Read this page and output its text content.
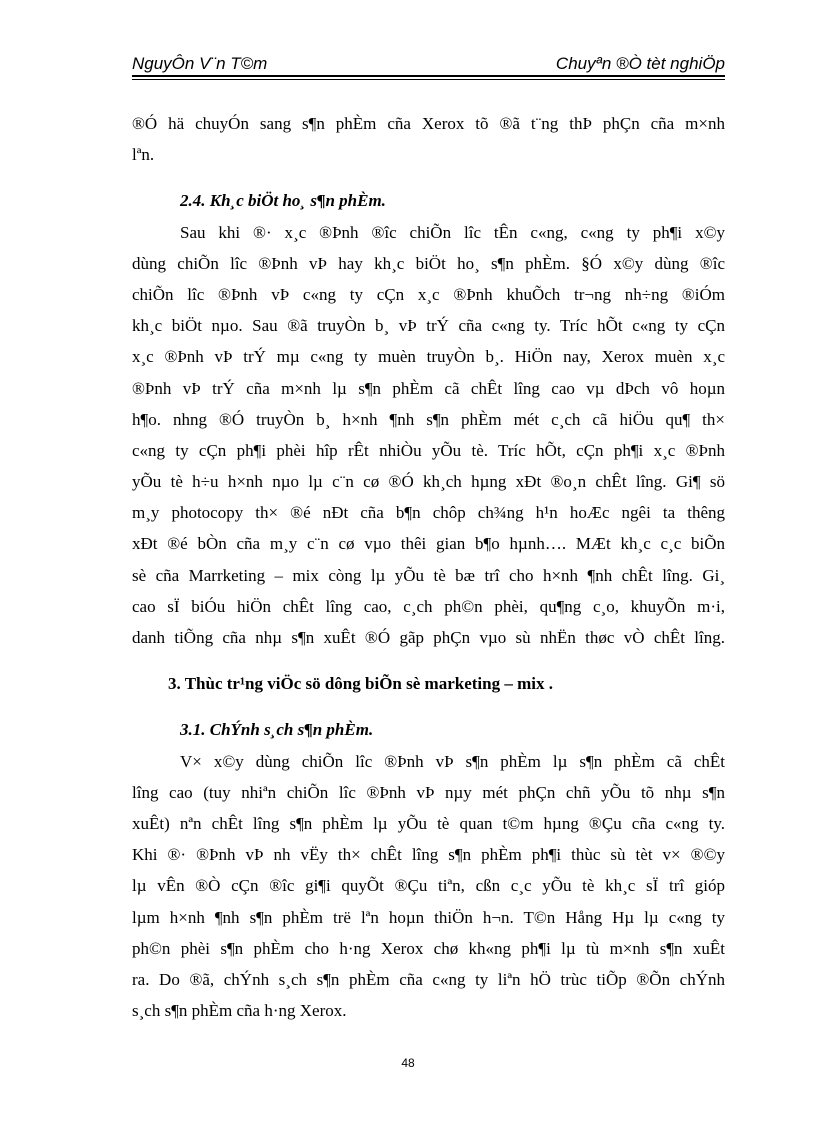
NguyÔn V¨n T©m	Chuyªn ®Ò tèt nghiÖp
®Ó hä chuyÓn sang s¶n phÈm cña Xerox tõ ®ã t¨ng thÞ phÇn cña m×nh
lªn.
2.4. Kh¸c biÖt ho¸ s¶n phÈm.
Sau khi ®· x¸c ®Þnh ®îc chiÕn lîc tÊn c«ng, c«ng ty ph¶i x©y
dùng chiÕn lîc ®Þnh vÞ hay kh¸c biÖt ho¸ s¶n phÈm. §Ó x©y dùng ®îc
chiÕn lîc ®Þnh vÞ c«ng ty cÇn x¸c ®Þnh khuÕch tr¬ng nh÷ng ®iÓm
kh¸c biÖt nµo. Sau ®ã truyÒn b¸ vÞ trÝ cña c«ng ty. Tríc hÕt c«ng ty cÇn
x¸c ®Þnh vÞ trÝ mµ c«ng ty muèn truyÒn b¸. HiÖn nay, Xerox muèn x¸c
®Þnh vÞ trÝ cña m×nh lµ s¶n phÈm cã chÊt lîng cao vµ dÞch vô hoµn
h¶o. nhng ®Ó truyÒn b¸ h×nh ¶nh s¶n phÈm mét c¸ch cã hiÖu qu¶ th×
c«ng ty cÇn ph¶i phèi hîp rÊt nhiÒu yÕu tè. Tríc hÕt, cÇn ph¶i x¸c ®Þnh
yÕu tè h÷u h×nh nµo lµ c¨n cø ®Ó kh¸ch hµng xÐt ®o¸n chÊt lîng. Gi¶ sö
m¸y photocopy th× ®é nÐt cña b¶n chôp ch¾ng h¹n hoÆc ngêi ta thêng
xÐt ®é bÒn cña m¸y c¨n cø vµo thêi gian b¶o hµnh…. MÆt kh¸c c¸c biÕn
sè cña Marrketing – mix còng lµ yÕu tè bæ trî cho h×nh ¶nh chÊt lîng. Gi¸
cao sÏ biÓu hiÖn chÊt lîng cao, c¸ch ph©n phèi, qu¶ng c¸o, khuyÕn m·i,
danh tiÕng cña nhµ s¶n xuÊt ®Ó gãp phÇn vµo sù nhËn thøc vÒ chÊt lîng.
3. Thùc tr¹ng viÖc sö dông biÕn sè marketing – mix .
3.1. ChÝnh s¸ch s¶n phÈm.
V× x©y dùng chiÕn lîc ®Þnh vÞ s¶n phÈm lµ s¶n phÈm cã chÊt
lîng cao (tuy nhiªn chiÕn lîc ®Þnh vÞ nµy mét phÇn chñ yÕu tõ nhµ s¶n
xuÊt) nªn chÊt lîng s¶n phÈm lµ yÕu tè quan t©m hµng ®Çu cña c«ng ty.
Khi ®· ®Þnh vÞ nh vËy th× chÊt lîng s¶n phÈm ph¶i thùc sù tèt v× ®©y
lµ vÊn ®Ò cÇn ®îc gi¶i quyÕt ®Çu tiªn, cßn c¸c yÕu tè kh¸c sÏ trî gióp
lµm h×nh ¶nh s¶n phÈm trë lªn hoµn thiÖn h¬n. T©n Hång Hµ lµ c«ng ty
ph©n phèi s¶n phÈm cho h·ng Xerox chø kh«ng ph¶i lµ tù m×nh s¶n xuÊt
ra. Do ®ã, chÝnh s¸ch s¶n phÈm cña c«ng ty liªn hÖ trùc tiÕp ®Õn chÝnh
s¸ch s¶n phÈm cña h·ng Xerox.
48
